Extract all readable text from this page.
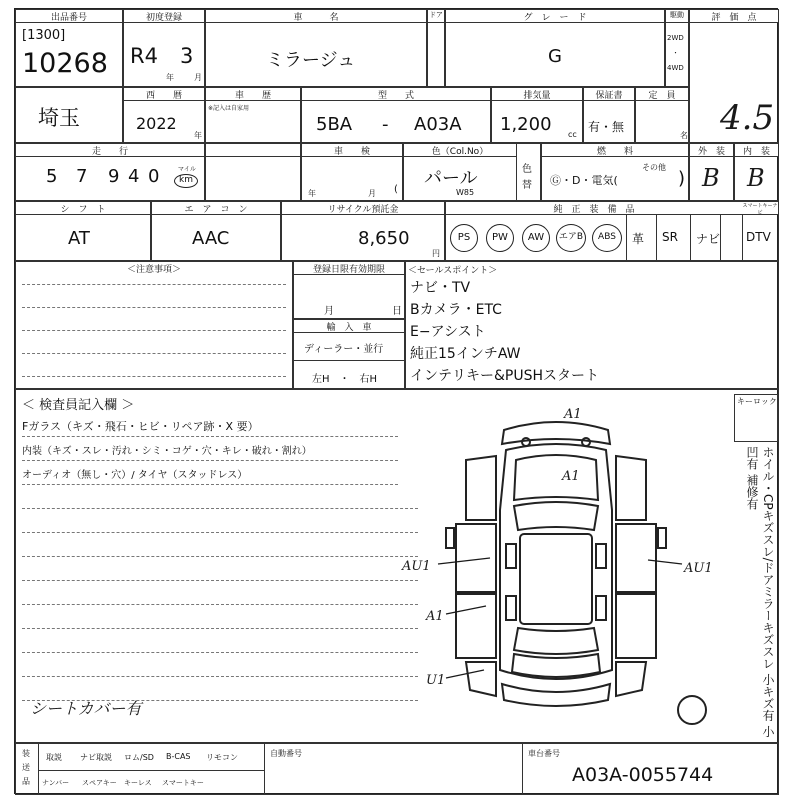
出品番号
[1300]
10268
初度登録
R4
年
3
月
車　　　名
ミラージュ
ドア	グ　レ　ー　ド
G
駆動
2WD
・
4WD
評　価　点
4.5
埼玉
西　　暦
2022
年
車　　歴
※記入は自家用
型　　式
5BA - A03A
排気量
1,200 cc
保証書
有・無
定　員
名
走　　行
5 7 9 4 0	マイル
km
車　　検
年	月 (
色（Col.No）
パール
W85
色
替
燃　　料
Ⓖ・D・電気(
その他
)
外　装
B
内　装
B
シ　フ　ト
AT
エ　ア　コ　ン
AAC
リサイクル預託金
8,650
円
純　正　装　備　品	スマートキーナビ
PS	PW	AW	エアB	ABS	革 SR ナビ DTV
＜注意事項＞	登録日限有効期限
月	日
輸　入　車
ディーラー・並行
左H　・　右H
＜セールスポイント＞
ナビ・TV
Bカメラ・ETC
E−アシスト
純正15インチAW
インテリキー&PUSHスタート
＜ 検査員記入欄 ＞
Fガラス（キズ・飛石・ヒビ・リペア跡・X 要）
内装（キズ・スレ・汚れ・シミ・コゲ・穴・キレ・破れ・割れ）
オーディオ（無し・穴）/ タイヤ（スタッドレス）
シートカバー有
キーロック
ホイル・CPキズスレ/ドアミラーキズスレ 小キズ有 小凹有 補修有
A1
A1
AU1	AU1
A1
U1
装
送
品
取説 ナビ取説 ロム/SD B-CAS リモコン
ナンバー スペアキー キーレス スマートキー
自動番号	車台番号
A03A-0055744
